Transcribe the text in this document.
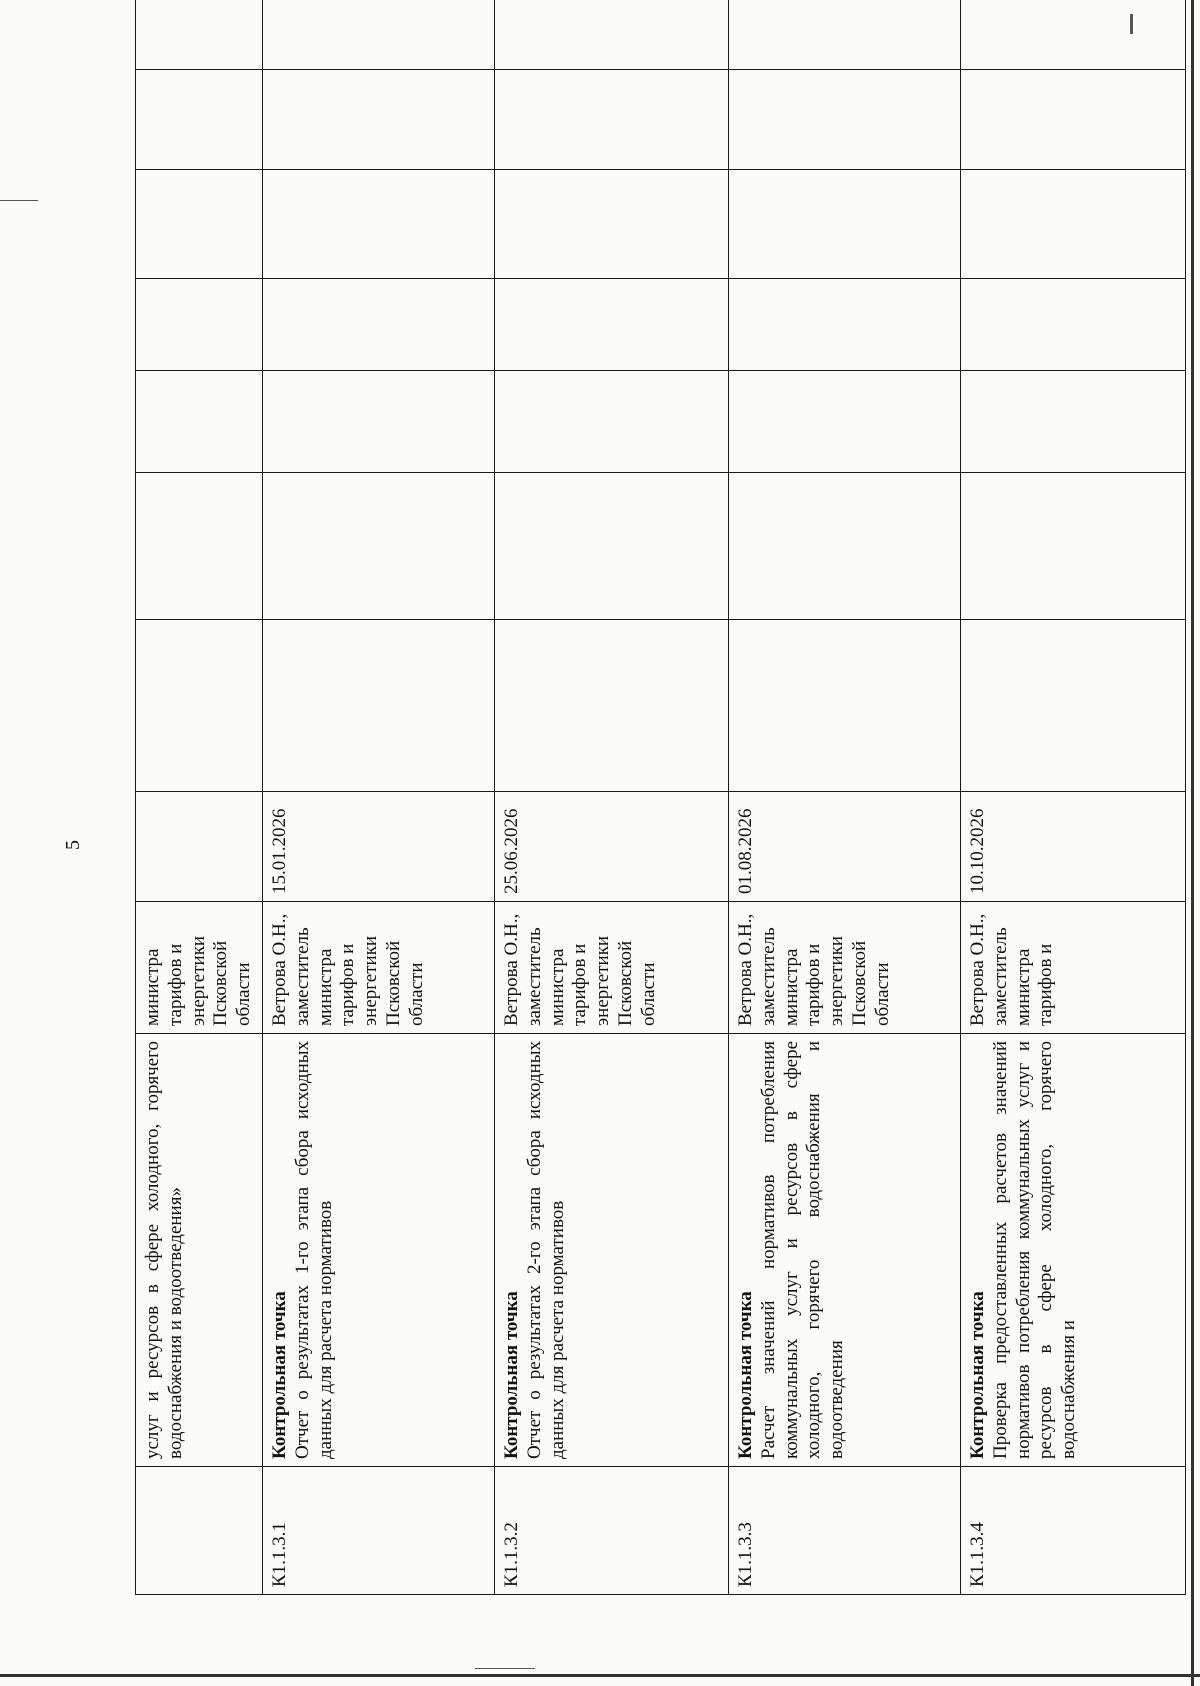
5

	услуг и ресурсов в сфере холодного, горячего водоснабжения и водоотведения»	министра тарифов и энергетики Псковской области								
К1.1.3.1	Контрольная точка Отчет о результатах 1-го этапа сбора исходных данных для расчета нормативов	Ветрова О.Н., заместитель министра тарифов и энергетики Псковской области	15.01.2026							
К1.1.3.2	Контрольная точка Отчет о результатах 2-го этапа сбора исходных данных для расчета нормативов	Ветрова О.Н., заместитель министра тарифов и энергетики Псковской области	25.06.2026							
К1.1.3.3	Контрольная точка Расчет значений нормативов потребления коммунальных услуг и ресурсов в сфере холодного, горячего водоснабжения и водоотведения	Ветрова О.Н., заместитель министра тарифов и энергетики Псковской области	01.08.2026							
К1.1.3.4	Контрольная точка Проверка предоставленных расчетов значений нормативов потребления коммунальных услуг и ресурсов в сфере холодного, горячего водоснабжения и	Ветрова О.Н., заместитель министра тарифов и	10.10.2026							
